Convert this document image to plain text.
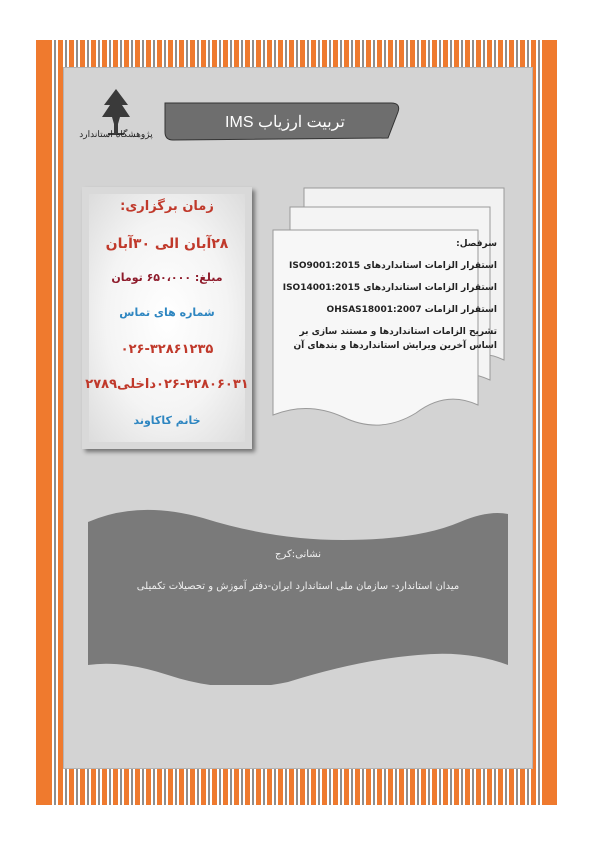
پژوهشگاه استاندارد
تربیت ارزیاب IMS
زمان برگزاری:
۲۸آبان الی ۳۰آبان
مبلغ: ۶۵۰،۰۰۰ تومان
شماره های تماس
۰۲۶-۳۲۸۶۱۲۳۵
۰۲۶-۳۲۸۰۶۰۳۱داخلی۲۷۸۹
خانم کاکاوند
سرفصل:
استقرار الزامات استانداردهای ISO9001:2015
استقرار الزامات استانداردهای ISO14001:2015
استقرار الزامات OHSAS18001:2007
تشریح الزامات استانداردها و مستند سازی بر اساس آخرین ویرایش استانداردها و بندهای آن
نشانی:کرج
میدان استاندارد- سازمان ملی استاندارد ایران-دفتر آموزش و تحصیلات تکمیلی
